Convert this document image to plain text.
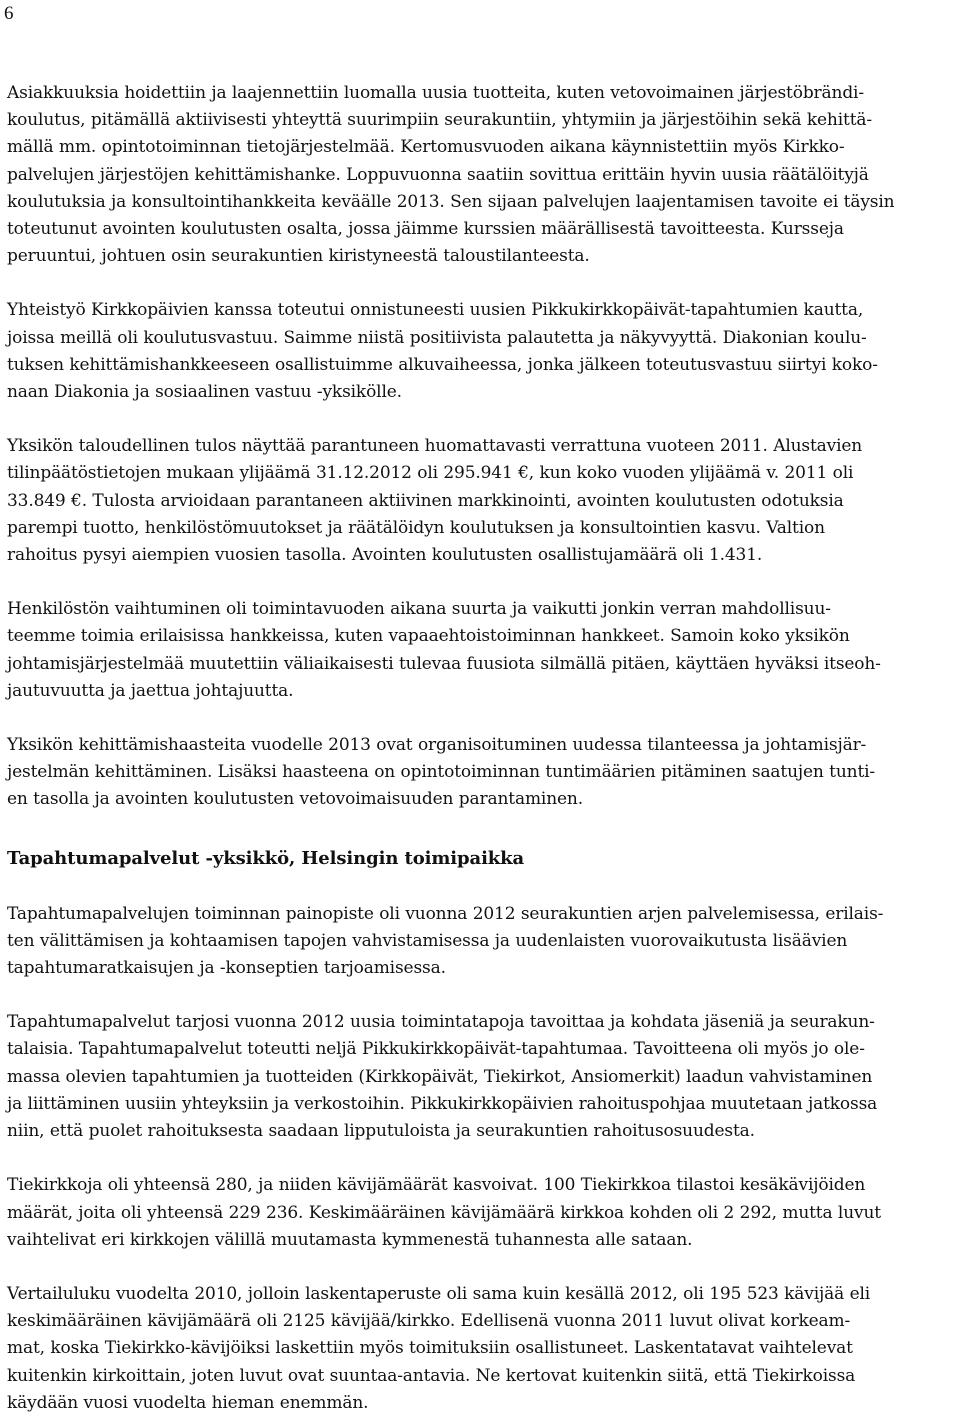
6

Asiakkuuksia hoidettiin ja laajennettiin luomalla uusia tuotteita, kuten vetovoimainen järjestöbrändi-
koulutus, pitämällä aktiivisesti yhteyttä suurimpiin seurakuntiin, yhtymiin ja järjestöihin sekä kehittä-
mällä mm. opintotoiminnan tietojärjestelmää. Kertomusvuoden aikana käynnistettiin myös Kirkko-
palvelujen järjestöjen kehittämishanke. Loppuvuonna saatiin sovittua erittäin hyvin uusia räätälöityjä
koulutuksia ja konsultointihankkeita keväälle 2013. Sen sijaan palvelujen laajentamisen tavoite ei täysin
toteutunut avointen koulutusten osalta, jossa jäimme kurssien määrällisestä tavoitteesta. Kursseja
peruuntui, johtuen osin seurakuntien kiristyneestä taloustilanteesta.

Yhteistyö Kirkkopäivien kanssa toteutui onnistuneesti uusien Pikkukirkkopäivät-tapahtumien kautta,
joissa meillä oli koulutusvastuu. Saimme niistä positiivista palautetta ja näkyvyyttä. Diakonian koulu-
tuksen kehittämishankkeeseen osallistuimme alkuvaiheessa, jonka jälkeen toteutusvastuu siirtyi koko-
naan Diakonia ja sosiaalinen vastuu -yksikölle.

Yksikön taloudellinen tulos näyttää parantuneen huomattavasti verrattuna vuoteen 2011. Alustavien
tilinpäätöstietojen mukaan ylijäämä 31.12.2012 oli 295.941 €, kun koko vuoden ylijäämä v. 2011 oli
33.849 €. Tulosta arvioidaan parantaneen aktiivinen markkinointi, avointen koulutusten odotuksia
parempi tuotto, henkilöstömuutokset ja räätälöidyn koulutuksen ja konsultointien kasvu. Valtion
rahoitus pysyi aiempien vuosien tasolla. Avointen koulutusten osallistujamäärä oli 1.431.

Henkilöstön vaihtuminen oli toimintavuoden aikana suurta ja vaikutti jonkin verran mahdollisuu-
teemme toimia erilaisissa hankkeissa, kuten vapaaehtoistoiminnan hankkeet. Samoin koko yksikön
johtamisjärjestelmää muutettiin väliaikaisesti tulevaa fuusiota silmällä pitäen, käyttäen hyväksi itseoh-
jautuvuutta ja jaettua johtajuutta.

Yksikön kehittämishaasteita vuodelle 2013 ovat organisoituminen uudessa tilanteessa ja johtamisjär-
jestelmän kehittäminen. Lisäksi haasteena on opintotoiminnan tuntimäärien pitäminen saatujen tunti-
en tasolla ja avointen koulutusten vetovoimaisuuden parantaminen.

Tapahtumapalvelut -yksikkö, Helsingin toimipaikka

Tapahtumapalvelujen toiminnan painopiste oli vuonna 2012 seurakuntien arjen palvelemisessa, erilais-
ten välittämisen ja kohtaamisen tapojen vahvistamisessa ja uudenlaisten vuorovaikutusta lisäävien
tapahtumaratkaisujen ja -konseptien tarjoamisessa.

Tapahtumapalvelut tarjosi vuonna 2012 uusia toimintatapoja tavoittaa ja kohdata jäseniä ja seurakun-
talaisia. Tapahtumapalvelut toteutti neljä Pikkukirkkopäivät-tapahtumaa. Tavoitteena oli myös jo ole-
massa olevien tapahtumien ja tuotteiden (Kirkkopäivät, Tiekirkot, Ansiomerkit) laadun vahvistaminen
ja liittäminen uusiin yhteyksiin ja verkostoihin. Pikkukirkkopäivien rahoituspohjaa muutetaan jatkossa
niin, että puolet rahoituksesta saadaan lipputuloista ja seurakuntien rahoitusosuudesta.

Tiekirkkoja oli yhteensä 280, ja niiden kävijämäärät kasvoivat. 100 Tiekirkkoa tilastoi kesäkävijöiden
määrät, joita oli yhteensä 229 236. Keskimääräinen kävijämäärä kirkkoa kohden oli 2 292, mutta luvut
vaihtelivat eri kirkkojen välillä muutamasta kymmenestä tuhannesta alle sataan.

Vertailuluku vuodelta 2010, jolloin laskentaperuste oli sama kuin kesällä 2012, oli 195 523 kävijää eli
keskimääräinen kävijämäärä oli 2125 kävijää/kirkko. Edellisenä vuonna 2011 luvut olivat korkeam-
mat, koska Tiekirkko-kävijöiksi laskettiin myös toimituksiin osallistuneet. Laskentatavat vaihtelevat
kuitenkin kirkoittain, joten luvut ovat suuntaa-antavia. Ne kertovat kuitenkin siitä, että Tiekirkoissa
käydään vuosi vuodelta hieman enemmän.
